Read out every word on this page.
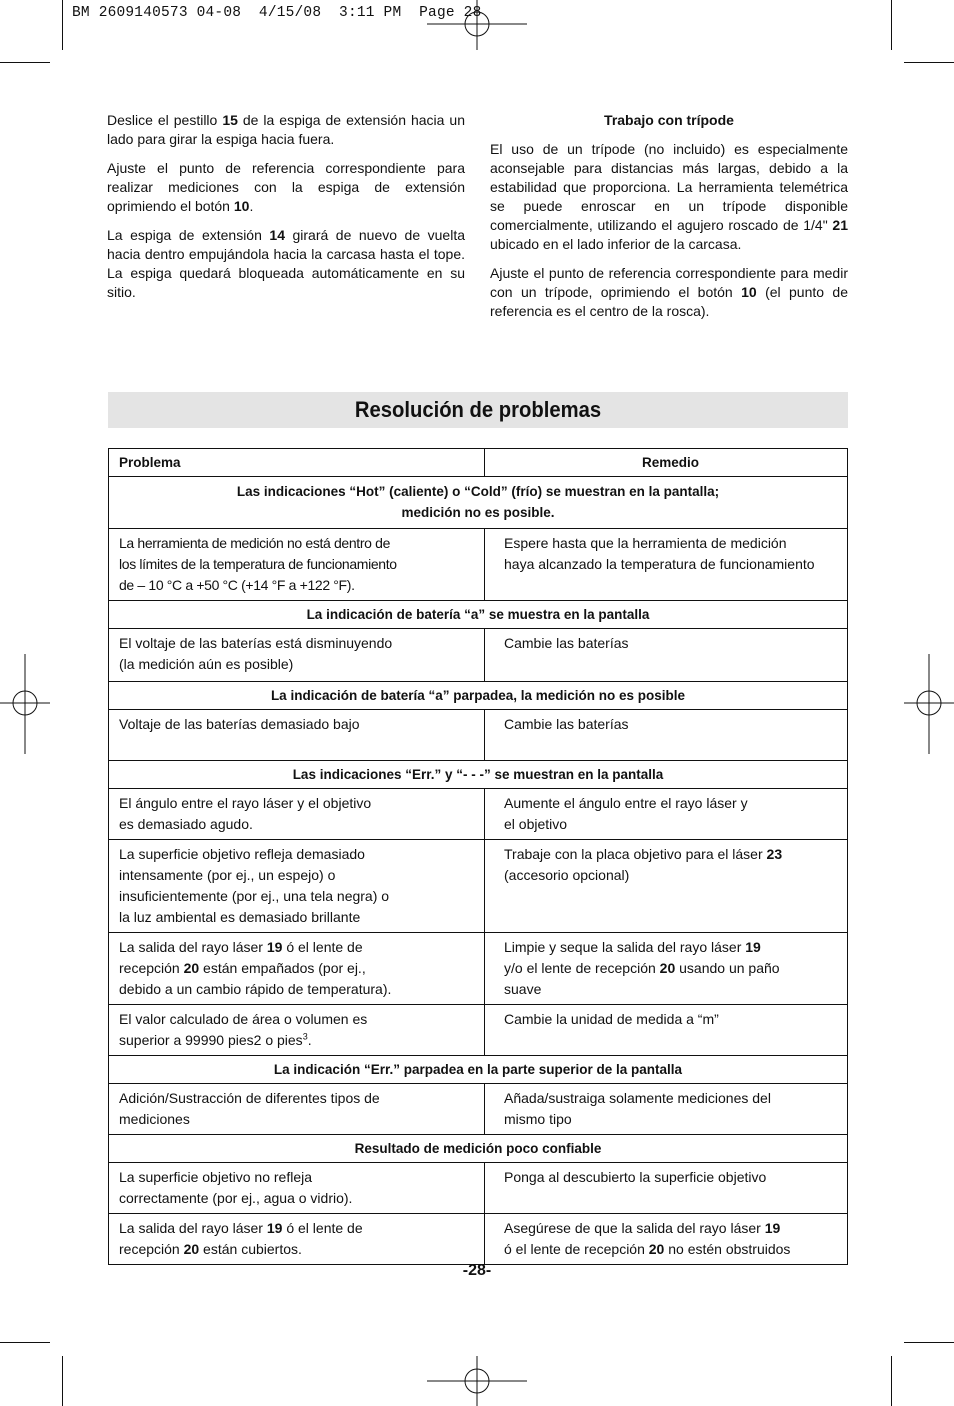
BM 2609140573 04-08  4/15/08  3:11 PM  Page 28

Deslice el pestillo 15 de la espiga de extensión hacia un lado para girar la espiga hacia fuera.

Ajuste el punto de referencia correspondiente para realizar mediciones con la espiga de extensión oprimiendo el botón 10.

La espiga de extensión 14 girará de nuevo de vuelta hacia dentro empujándola hacia la carcasa hasta el tope. La espiga quedará bloqueada automáticamente en su sitio.

Trabajo con trípode

El uso de un trípode (no incluido) es especialmente aconsejable para distancias más largas, debido a la estabilidad que proporciona. La herramienta telemétrica se puede enroscar en un trípode disponible comercialmente, utilizando el agujero roscado de 1/4" 21 ubicado en el lado inferior de la carcasa.

Ajuste el punto de referencia correspondiente para medir con un trípode, oprimiendo el botón 10 (el punto de referencia es el centro de la rosca).

Resolución de problemas
Problema	Remedio

Las indicaciones “Hot” (caliente) o “Cold” (frío) se muestran en la pantalla;
medición no es posible.	

La herramienta de medición no está dentro de
los límites de la temperatura de funcionamiento
de – 10 °C a +50 °C (+14 °F a +122 °F).	Espere hasta que la herramienta de medición
haya alcanzado la temperatura de funcionamiento

La indicación de batería “a” se muestra en la pantalla	

El voltaje de las baterías está disminuyendo
(la medición aún es posible)	Cambie las baterías
La indicación de batería “a” parpadea, la medición no es posible	
Voltaje de las baterías demasiado bajo	Cambie las baterías
Las indicaciones “Err.” y “- - -” se muestran en la pantalla	

El ángulo entre el rayo láser y el objetivo
es demasiado agudo.	Aumente el ángulo entre el rayo láser y
el objetivo

La superficie objetivo refleja demasiado
intensamente (por ej., un espejo) o
insuficientemente (por ej., una tela negra) o
la luz ambiental es demasiado brillante	Trabaje con la placa objetivo para el láser 23
(accesorio opcional)

La salida del rayo láser 19 ó el lente de
recepción 20 están empañados (por ej.,
debido a un cambio rápido de temperatura).	Limpie y seque la salida del rayo láser 19
y/o el lente de recepción 20 usando un paño
suave

El valor calculado de área o volumen es
superior a 99990 pies2 o pies$^3$.	Cambie la unidad de medida a “m”
La indicación “Err.” parpadea en la parte superior de la pantalla	

Adición/Sustracción de diferentes tipos de
mediciones	Añada/sustraiga solamente mediciones del
mismo tipo

Resultado de medición poco confiable	

La superficie objetivo no refleja
correctamente (por ej., agua o vidrio).	Ponga al descubierto la superficie objetivo

La salida del rayo láser 19 ó el lente de
recepción 20 están cubiertos.	Asegúrese de que la salida del rayo láser 19
ó el lente de recepción 20 no estén obstruidos
-28-
